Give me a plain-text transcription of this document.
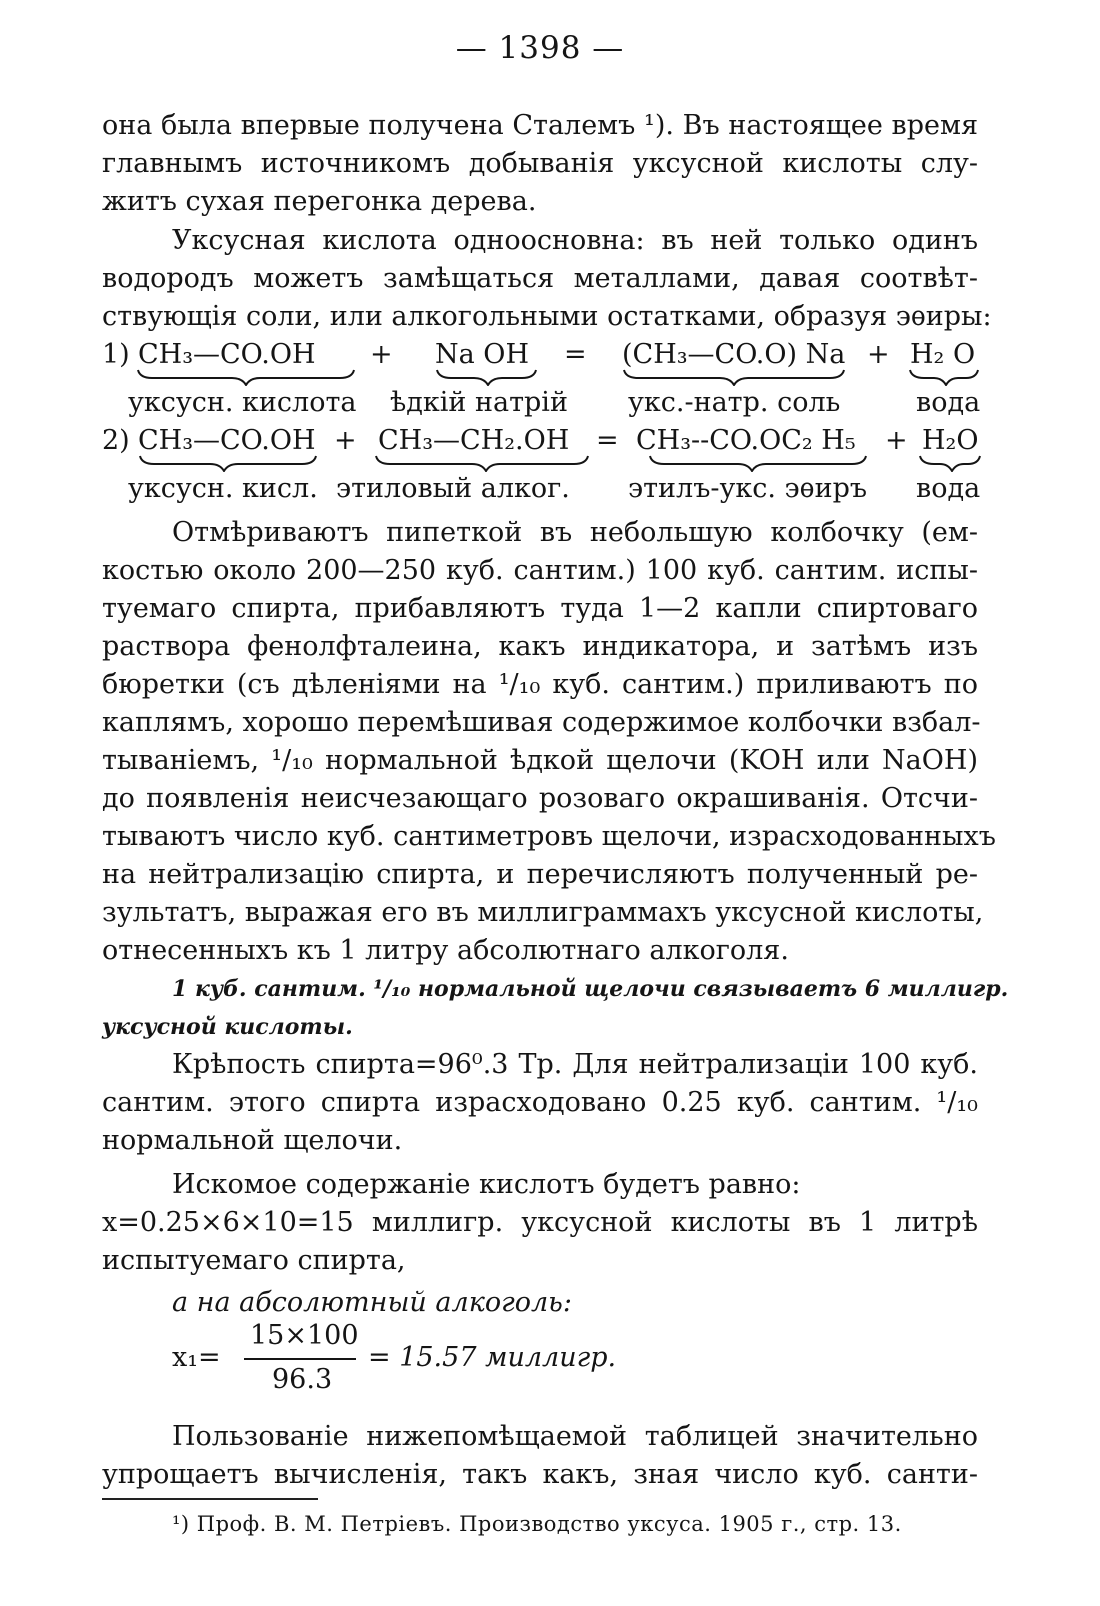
— 1398 —
она была впервые получена Сталемъ ¹). Въ настоящее время
главнымъ источникомъ добыванія уксусной кислоты слу-
житъ сухая перегонка дерева.
Уксусная кислота одноосновна: въ ней только одинъ
водородъ можетъ замѣщаться металлами, давая соотвѣт-
ствующія соли, или алкогольными остатками, образуя эѳиры:
1) CH₃—CO.OH + Na OH = (CH₃—CO.O) Na + H₂ O
уксусн. кислота ѣдкій натрій укс.-натр. соль	вода
2) CH₃—CO.OH + CH₃—CH₂.OH = CH₃--CO.OC₂ H₅ + H₂O
уксусн. кисл. этиловый алког. этилъ-укс. эѳиръ вода
Отмѣриваютъ пипеткой въ небольшую колбочку (ем-
костью около 200—250 куб. сантим.) 100 куб. сантим. испы-
туемаго спирта, прибавляютъ туда 1—2 капли спиртоваго
раствора фенолфталеина, какъ индикатора, и затѣмъ изъ
бюретки (съ дѣленіями на ¹/₁₀ куб. сантим.) приливаютъ по
каплямъ, хорошо перемѣшивая содержимое колбочки взбал-
тываніемъ, ¹/₁₀ нормальной ѣдкой щелочи (KOH или NaOH)
до появленія неисчезающаго розоваго окрашиванія. Отсчи-
тываютъ число куб. сантиметровъ щелочи, израсходованныхъ
на нейтрализацію спирта, и перечисляютъ полученный ре-
зультатъ, выражая его въ миллиграммахъ уксусной кислоты,
отнесенныхъ къ 1 литру абсолютнаго алкоголя.
1 куб. сантим. ¹/₁₀ нормальной щелочи связываетъ 6 миллигр.
уксусной кислоты.
Крѣпость спирта=96⁰.3 Тр. Для нейтрализаціи 100 куб.
сантим. этого спирта израсходовано 0.25 куб. сантим. ¹/₁₀
нормальной щелочи.
Искомое содержаніе кислотъ будетъ равно:
x=0.25×6×10=15 миллигр. уксусной кислоты въ 1 литрѣ
испытуемаго спирта,
а на абсолютный алкоголь:
x₁=
15×100
96.3
= 15.57 миллигр.
Пользованіе нижепомѣщаемой таблицей значительно
упрощаетъ вычисленія, такъ какъ, зная число куб. санти-
¹) Проф. В. М. Петріевъ. Производство уксуса. 1905 г., стр. 13.
